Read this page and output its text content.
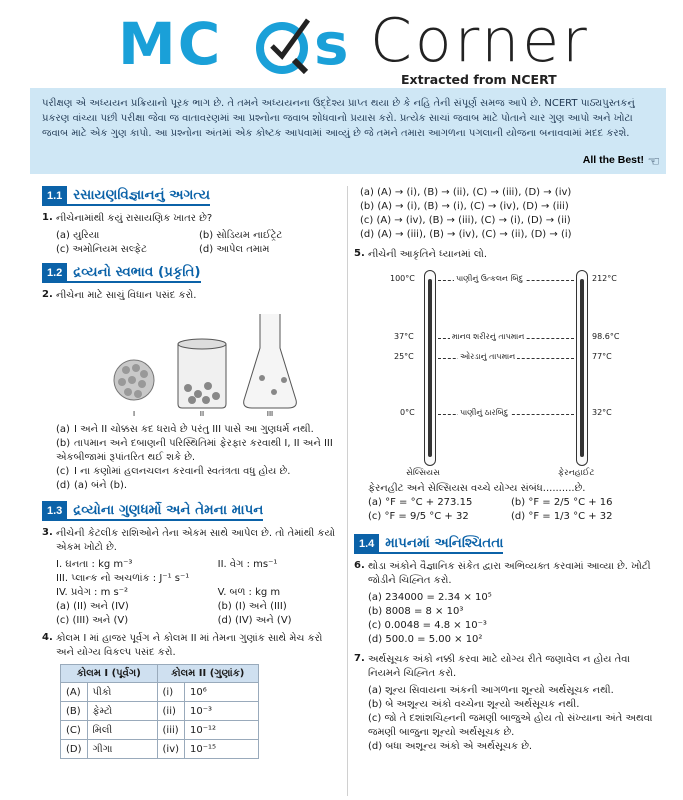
MC s Corner
Extracted from NCERT
પરીક્ષણ એ અધ્યયન પ્રક્રિયાનો પૂરક ભાગ છે. તે તમને અધ્યયનના ઉદ્દેશ્ય પ્રાપ્ત થયા છે કે નહિ તેની સંપૂર્ણ સમજ આપે છે. NCERT પાઠ્યપુસ્તકનું પ્રકરણ વાંચ્યા પછી પરીક્ષા જેવા જ વાતાવરણમાં આ પ્રશ્નોના જવાબ શોધવાનો પ્રયાસ કરો. પ્રત્યેક સાચાં જવાબ માટે પોતાને ચાર ગુણ આપો અને ખોટા જવાબ માટે એક ગુણ કાપો. આ પ્રશ્નોના અંતમાં એક કોષ્ટક આપવામાં આવ્યું છે જે તમને તમારા આગળના પગલાની યોજના બનાવવામાં મદદ કરશે.
All the Best! ☜
1.1 રસાયણવિજ્ઞાનનું અગત્ય
1. નીચેનામાંથી કયું રાસાયણિક ખાતર છે?
(a) યુરિયા	(b) સોડિયમ નાઈટ્રેટ
(c) અમોનિયમ સલ્ફેટ	(d) આપેલ તમામ
1.2 દ્રવ્યનો સ્વભાવ (પ્રકૃતિ)
2. નીચેના માટે સાચું વિધાન પસંદ કરો.
I	II	III
(a) I અને II ચોક્કસ કદ ધરાવે છે પરંતુ III પાસે આ ગુણધર્મ નથી.
(b) તાપમાન અને દબાણની પરિસ્થિતિમાં ફેરફાર કરવાથી I, II અને III એકબીજામાં રૂપાંતરિત થઈ શકે છે.
(c) I ના કણોમાં હલનચલન કરવાની સ્વતંત્રતા વધુ હોય છે.
(d) (a) બંને (b).
1.3 દ્રવ્યોના ગુણધર્મો અને તેમના માપન
3. નીચેની કેટલીક રાશિઓને તેના એકમ સાથે આપેલ છે. તો તેમાંથી કયો એકમ ખોટો છે.
I. ઘનતા : kg m⁻³	II. વેગ : ms⁻¹
III. પ્લાન્ક નો અચળાંક : J⁻¹ s⁻¹
IV. પ્રવેગ : m s⁻²	V. બળ : kg m
(a) (II) અને (IV)	(b) (I) અને (III)
(c) (III) અને (V)	(d) (IV) અને (V)
4. કોલમ I માં હાજર પૂર્વગ ને કોલમ II માં તેમના ગુણાંક સાથે મેચ કરો અને યોગ્ય વિકલ્પ પસંદ કરો.
કોલમ I (પૂર્વગ)		કોલમ II (ગુણાંક)	
(A)	પીકો	(i)	10⁶
(B)	ફેમ્ટો	(ii)	10⁻³
(C)	મિલી	(iii)	10⁻¹²
(D)	ગીગા	(iv)	10⁻¹⁵
(a) (A) → (i), (B) → (ii), (C) → (iii), (D) → (iv)
(b) (A) → (i), (B) → (i), (C) → (iv), (D) → (iii)
(c) (A) → (iv), (B) → (iii), (C) → (i), (D) → (ii)
(d) (A) → (iii), (B) → (iv), (C) → (ii), (D) → (i)
5. નીચેની આકૃતિને ધ્યાનમાં લો.
100°C
37°C
25°C
0°C
212°C
98.6°C
77°C
32°C
પાણીનું ઉત્કલન બિંદુ
માનવ શરીરનું તાપમાન
ઓરડાનું તાપમાન
પાણીનું ઠારબિંદુ
સેલ્સિયસ	ફેરનહાઈટ
ફેરનહીટ અને સેલ્સિયસ વચ્ચે યોગ્ય સંબંધ..........છે.
(a) °F = °C + 273.15	(b) °F = 2/5 °C + 16
(c) °F = 9/5 °C + 32	(d) °F = 1/3 °C + 32
1.4 માપનમાં અનિશ્ચિતતા
6. થોડા અંકોને વૈજ્ઞાનિક સંકેત દ્વારા અભિવ્યક્ત કરવામાં આવ્યા છે. ખોટી જોડીને ચિહ્નિત કરો.
(a) 234000 = 2.34 × 10⁵
(b) 8008 = 8 × 10³
(c) 0.0048 = 4.8 × 10⁻³
(d) 500.0 = 5.00 × 10²
7. અર્થસૂચક અંકો નક્કી કરવા માટે યોગ્ય રીતે જણાવેલ ન હોય તેવા નિયમને ચિહ્નિત કરો.
(a) શૂન્ય સિવાયના અંકની આગળના શૂન્યો અર્થસૂચક નથી.
(b) બે અશૂન્ય અંકો વચ્ચેના શૂન્યો અર્થસૂચક નથી.
(c) જો તે દશાંશચિહ્નની જમણી બાજુએ હોય તો સંખ્યાના અંતે અથવા જમણી બાજુના શૂન્યો અર્થસૂચક છે.
(d) બધા અશૂન્ય અંકો એ અર્થસૂચક છે.
